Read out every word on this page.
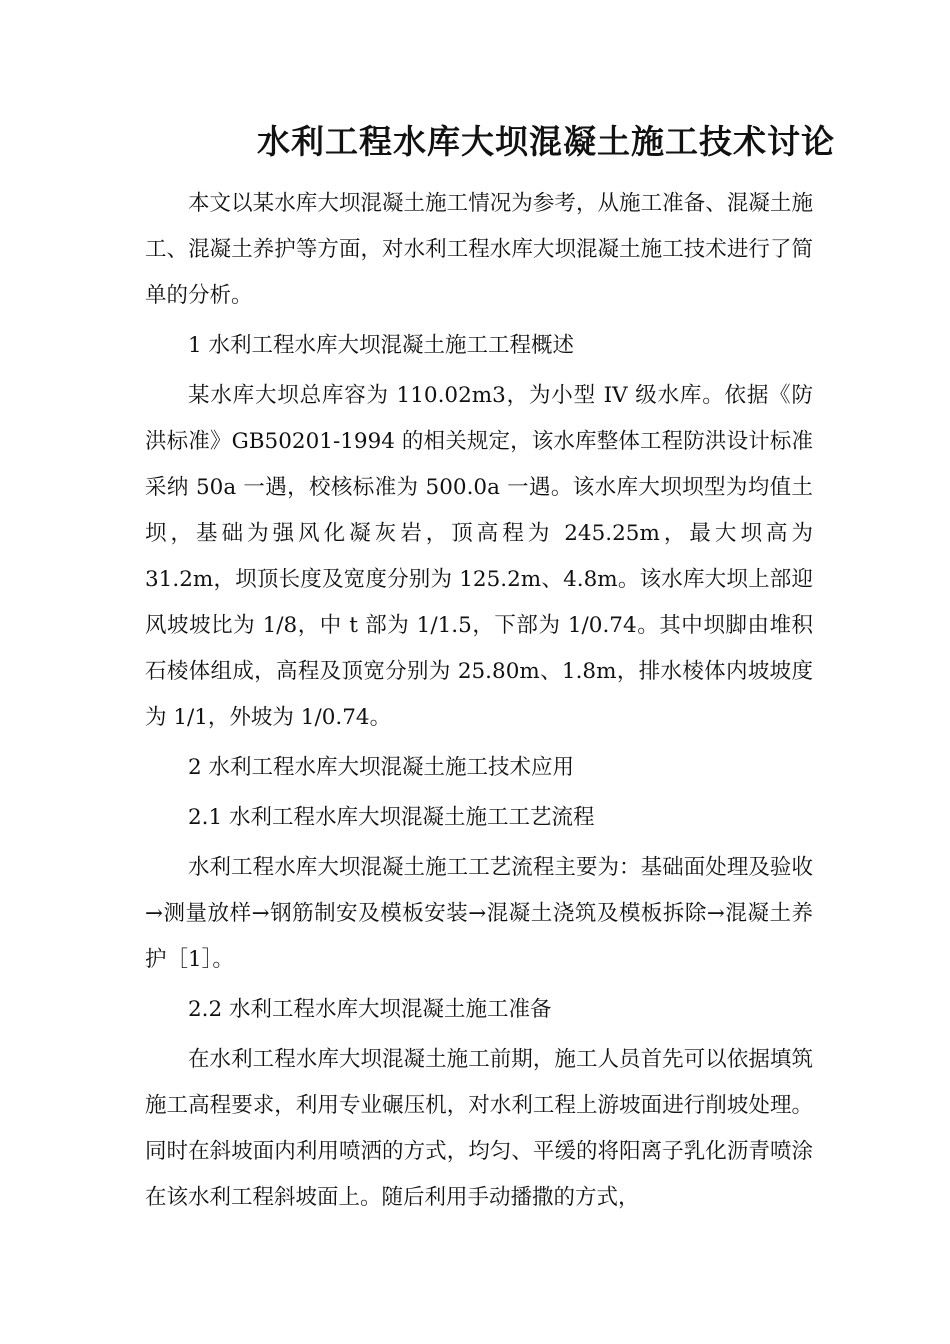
水利工程水库大坝混凝土施工技术讨论

本文以某水库大坝混凝土施工情况为参考，从施工准备、混凝土施工、混凝土养护等方面，对水利工程水库大坝混凝土施工技术进行了简单的分析。

1 水利工程水库大坝混凝土施工工程概述

某水库大坝总库容为 110.02m3，为小型 IV 级水库。依据《防洪标准》GB50201-1994 的相关规定，该水库整体工程防洪设计标准采纳 50a 一遇，校核标准为 500.0a 一遇。该水库大坝坝型为均值土坝，基础为强风化凝灰岩，顶高程为 245.25m，最大坝高为 31.2m，坝顶长度及宽度分别为 125.2m、4.8m。该水库大坝上部迎风坡坡比为 1/8，中 t 部为 1/1.5，下部为 1/0.74。其中坝脚由堆积石棱体组成，高程及顶宽分别为 25.80m、1.8m，排水棱体内坡坡度为 1/1，外坡为 1/0.74。

2 水利工程水库大坝混凝土施工技术应用

2.1 水利工程水库大坝混凝土施工工艺流程

水利工程水库大坝混凝土施工工艺流程主要为：基础面处理及验收→测量放样→钢筋制安及模板安装→混凝土浇筑及模板拆除→混凝土养护［1］。

2.2 水利工程水库大坝混凝土施工准备

在水利工程水库大坝混凝土施工前期，施工人员首先可以依据填筑施工高程要求，利用专业碾压机，对水利工程上游坡面进行削坡处理。同时在斜坡面内利用喷洒的方式，均匀、平缓的将阳离子乳化沥青喷涂在该水利工程斜坡面上。随后利用手动播撒的方式，
